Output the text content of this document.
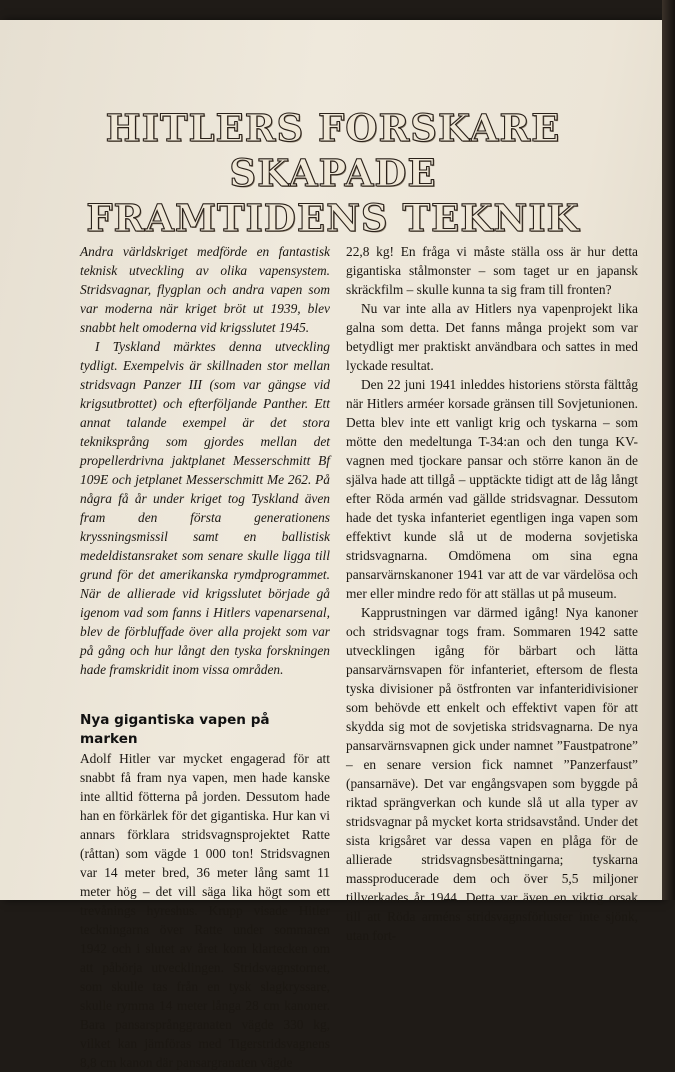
HITLERS FORSKARE SKAPADE
FRAMTIDENS TEKNIK

Andra världskriget medförde en fantastisk teknisk utveckling av olika vapensystem. Stridsvagnar, flygplan och andra vapen som var moderna när kriget bröt ut 1939, blev snabbt helt omoderna vid krigsslutet 1945.

I Tyskland märktes denna utveckling tydligt. Exempelvis är skillnaden stor mellan stridsvagn Panzer III (som var gängse vid krigsutbrottet) och efterföljande Panther. Ett annat talande exempel är det stora tekniksprång som gjordes mellan det propellerdrivna jaktplanet Messerschmitt Bf 109E och jetplanet Messerschmitt Me 262. På några få år under kriget tog Tyskland även fram den första generationens kryssningsmissil samt en ballistisk medeldistansraket som senare skulle ligga till grund för det amerikanska rymdprogrammet. När de allierade vid krigsslutet började gå igenom vad som fanns i Hitlers vapenarsenal, blev de förbluffade över alla projekt som var på gång och hur långt den tyska forskningen hade framskridit inom vissa områden.

Nya gigantiska vapen på marken

Adolf Hitler var mycket engagerad för att snabbt få fram nya vapen, men hade kanske inte alltid fötterna på jorden. Dessutom hade han en förkärlek för det gigantiska. Hur kan vi annars förklara stridsvagnsprojektet Ratte (råttan) som vägde 1 000 ton! Stridsvagnen var 14 meter bred, 36 meter lång samt 11 meter hög – det vill säga lika högt som ett trevånings hyreshus. Krupp visade Hitler teckningarna över Ratte under sommaren 1942 och i slutet av året kom klartecken om att påbörja utvecklingen. Stridsvagnstornet, som skulle tas från en tysk slagkryssare, skulle rymma 14 meter långa 28 cm kanoner. Bara pansarsprånggranaten vägde 330 kg, vilket kan jämföras med Tigerstridsvagnens 8,8 cm kanon där pansargranaten vägde

22,8 kg! En fråga vi måste ställa oss är hur detta gigantiska stålmonster – som taget ur en japansk skräckfilm – skulle kunna ta sig fram till fronten?

Nu var inte alla av Hitlers nya vapenprojekt lika galna som detta. Det fanns många projekt som var betydligt mer praktiskt användbara och sattes in med lyckade resultat.

Den 22 juni 1941 inleddes historiens största fälttåg när Hitlers arméer korsade gränsen till Sovjetunionen. Detta blev inte ett vanligt krig och tyskarna – som mötte den medeltunga T-34:an och den tunga KV-vagnen med tjockare pansar och större kanon än de själva hade att tillgå – upptäckte tidigt att de låg långt efter Röda armén vad gällde stridsvagnar. Dessutom hade det tyska infanteriet egentligen inga vapen som effektivt kunde slå ut de moderna sovjetiska stridsvagnarna. Omdömena om sina egna pansarvärnskanoner 1941 var att de var värdelösa och mer eller mindre redo för att ställas ut på museum.

Kapprustningen var därmed igång! Nya kanoner och stridsvagnar togs fram. Sommaren 1942 satte utvecklingen igång för bärbart och lätta pansarvärnsvapen för infanteriet, eftersom de flesta tyska divisioner på östfronten var infanteridivisioner som behövde ett enkelt och effektivt vapen för att skydda sig mot de sovjetiska stridsvagnarna. De nya pansarvärnsvapnen gick under namnet ”Faustpatrone” – en senare version fick namnet ”Panzerfaust” (pansarnäve). Det var engångsvapen som byggde på riktad sprängverkan och kunde slå ut alla typer av stridsvagnar på mycket korta stridsavstånd. Under det sista krigsåret var dessa vapen en plåga för de allierade stridsvagnsbesättningarna; tyskarna massproducerade dem och över 5,5 miljoner tillverkades år 1944. Detta var även en viktig orsak till att Röda arméns stridsvagnsförluster inte sjönk, utan fort-
